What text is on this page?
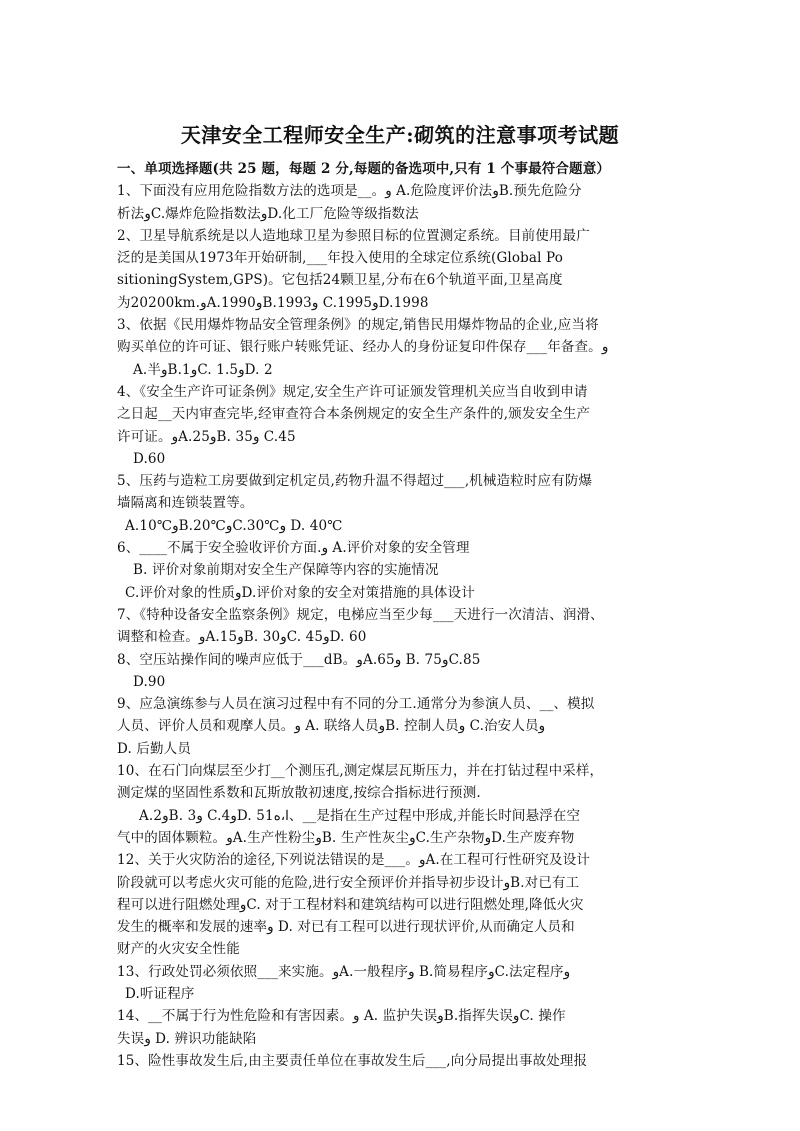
天津安全工程师安全生产:砌筑的注意事项考试题
一、单项选择题(共 25 题，每题 2 分,每题的备选项中,只有 1 个事最符合题意）
1、下面没有应用危险指数方法的选项是__。و A.危险度评价法وB.预先危险分
析法وC.爆炸危险指数法وD.化工厂危险等级指数法
2、卫星导航系统是以人造地球卫星为参照目标的位置测定系统。目前使用最广
泛的是美国从1973年开始研制,___年投入使用的全球定位系统(Global Po
sitioningSystem,GPS)。它包括24颗卫星,分布在6个轨道平面,卫星高度
为20200km.وA.1990وB.1993و C.1995وD.1998
3、依据《民用爆炸物品安全管理条例》的规定,销售民用爆炸物品的企业,应当将
购买单位的许可证、银行账户转账凭证、经办人的身份证复印件保存___年备查。و
A.半وB.1وC. 1.5وD. 2
4、《安全生产许可证条例》规定,安全生产许可证颁发管理机关应当自收到申请
之日起__天内审查完毕,经审查符合本条例规定的安全生产条件的,颁发安全生产
许可证。وA.25وB. 35و C.45
D.60
5、压药与造粒工房要做到定机定员,药物升温不得超过___,机械造粒时应有防爆
墙隔离和连锁装置等。
A.10℃وB.20℃وC.30℃و D. 40℃
6、____不属于安全验收评价方面.و A.评价对象的安全管理
B. 评价对象前期对安全生产保障等内容的实施情况
C.评价对象的性质وD.评价对象的安全对策措施的具体设计
7、《特种设备安全监察条例》规定，电梯应当至少每___天进行一次清洁、润滑、
调整和检查。وA.15وB. 30وC. 45وD. 60
8、空压站操作间的噪声应低于___dB。وA.65و B. 75وC.85
D.90
9、应急演练参与人员在演习过程中有不同的分工.通常分为参演人员、__、模拟
人员、评价人员和观摩人员。و A. 联络人员وB. 控制人员و C.治安人员و
D. 后勤人员
10、在石门向煤层至少打__个测压孔,测定煤层瓦斯压力，并在打钻过程中采样，
测定煤的坚固性系数和瓦斯放散初速度,按综合指标进行预测.
A.2وB. 3و C.4وD. 51ا،ه、__是指在生产过程中形成,并能长时间悬浮在空
气中的固体颗粒。وA.生产性粉尘وB. 生产性灰尘وC.生产杂物وD.生产废弃物
12、关于火灾防治的途径,下列说法错误的是___。وA.在工程可行性研究及设计
阶段就可以考虑火灾可能的危险,进行安全预评价并指导初步设计وB.对已有工
程可以进行阻燃处理وC. 对于工程材料和建筑结构可以进行阻燃处理,降低火灾
发生的概率和发展的速率و D. 对已有工程可以进行现状评价,从而确定人员和
财产的火灾安全性能
13、行政处罚必须依照___来实施。وA.一般程序و B.简易程序وC.法定程序و
D.听证程序
14、__不属于行为性危险和有害因素。و A. 监护失误وB.指挥失误وC. 操作
失误و D. 辨识功能缺陷
15、险性事故发生后,由主要责任单位在事故发生后___,向分局提出事故处理报
